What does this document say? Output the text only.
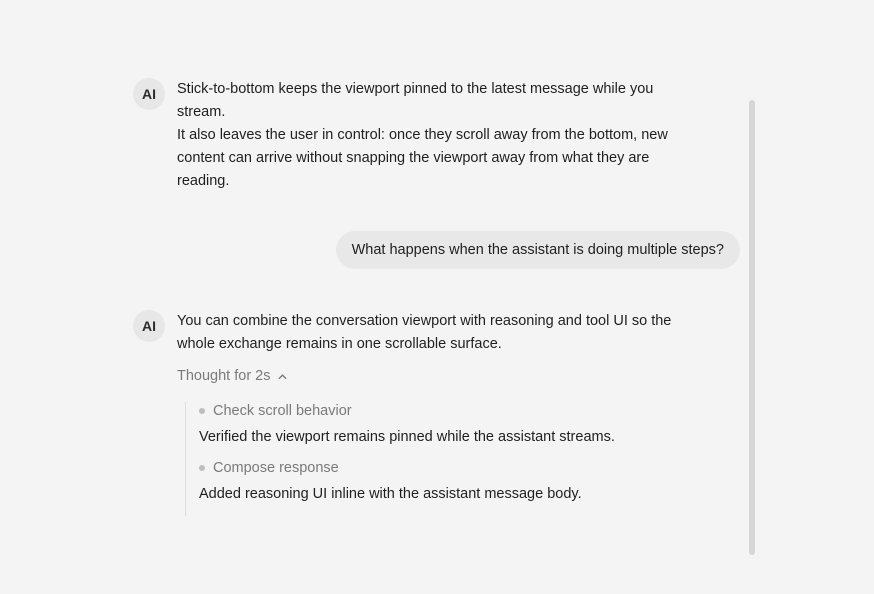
AI	Stick-to-bottom keeps the viewport pinned to the latest message while you stream.

It also leaves the user in control: once they scroll away from the bottom, new content can arrive without snapping the viewport away from what they are reading.

What happens when the assistant is doing multiple steps?
AI	You can combine the conversation viewport with reasoning and tool UI so the whole exchange remains in one scrollable surface.

Thought for 2s
Check scroll behavior
Verified the viewport remains pinned while the assistant streams.
Compose response
Added reasoning UI inline with the assistant message body.
